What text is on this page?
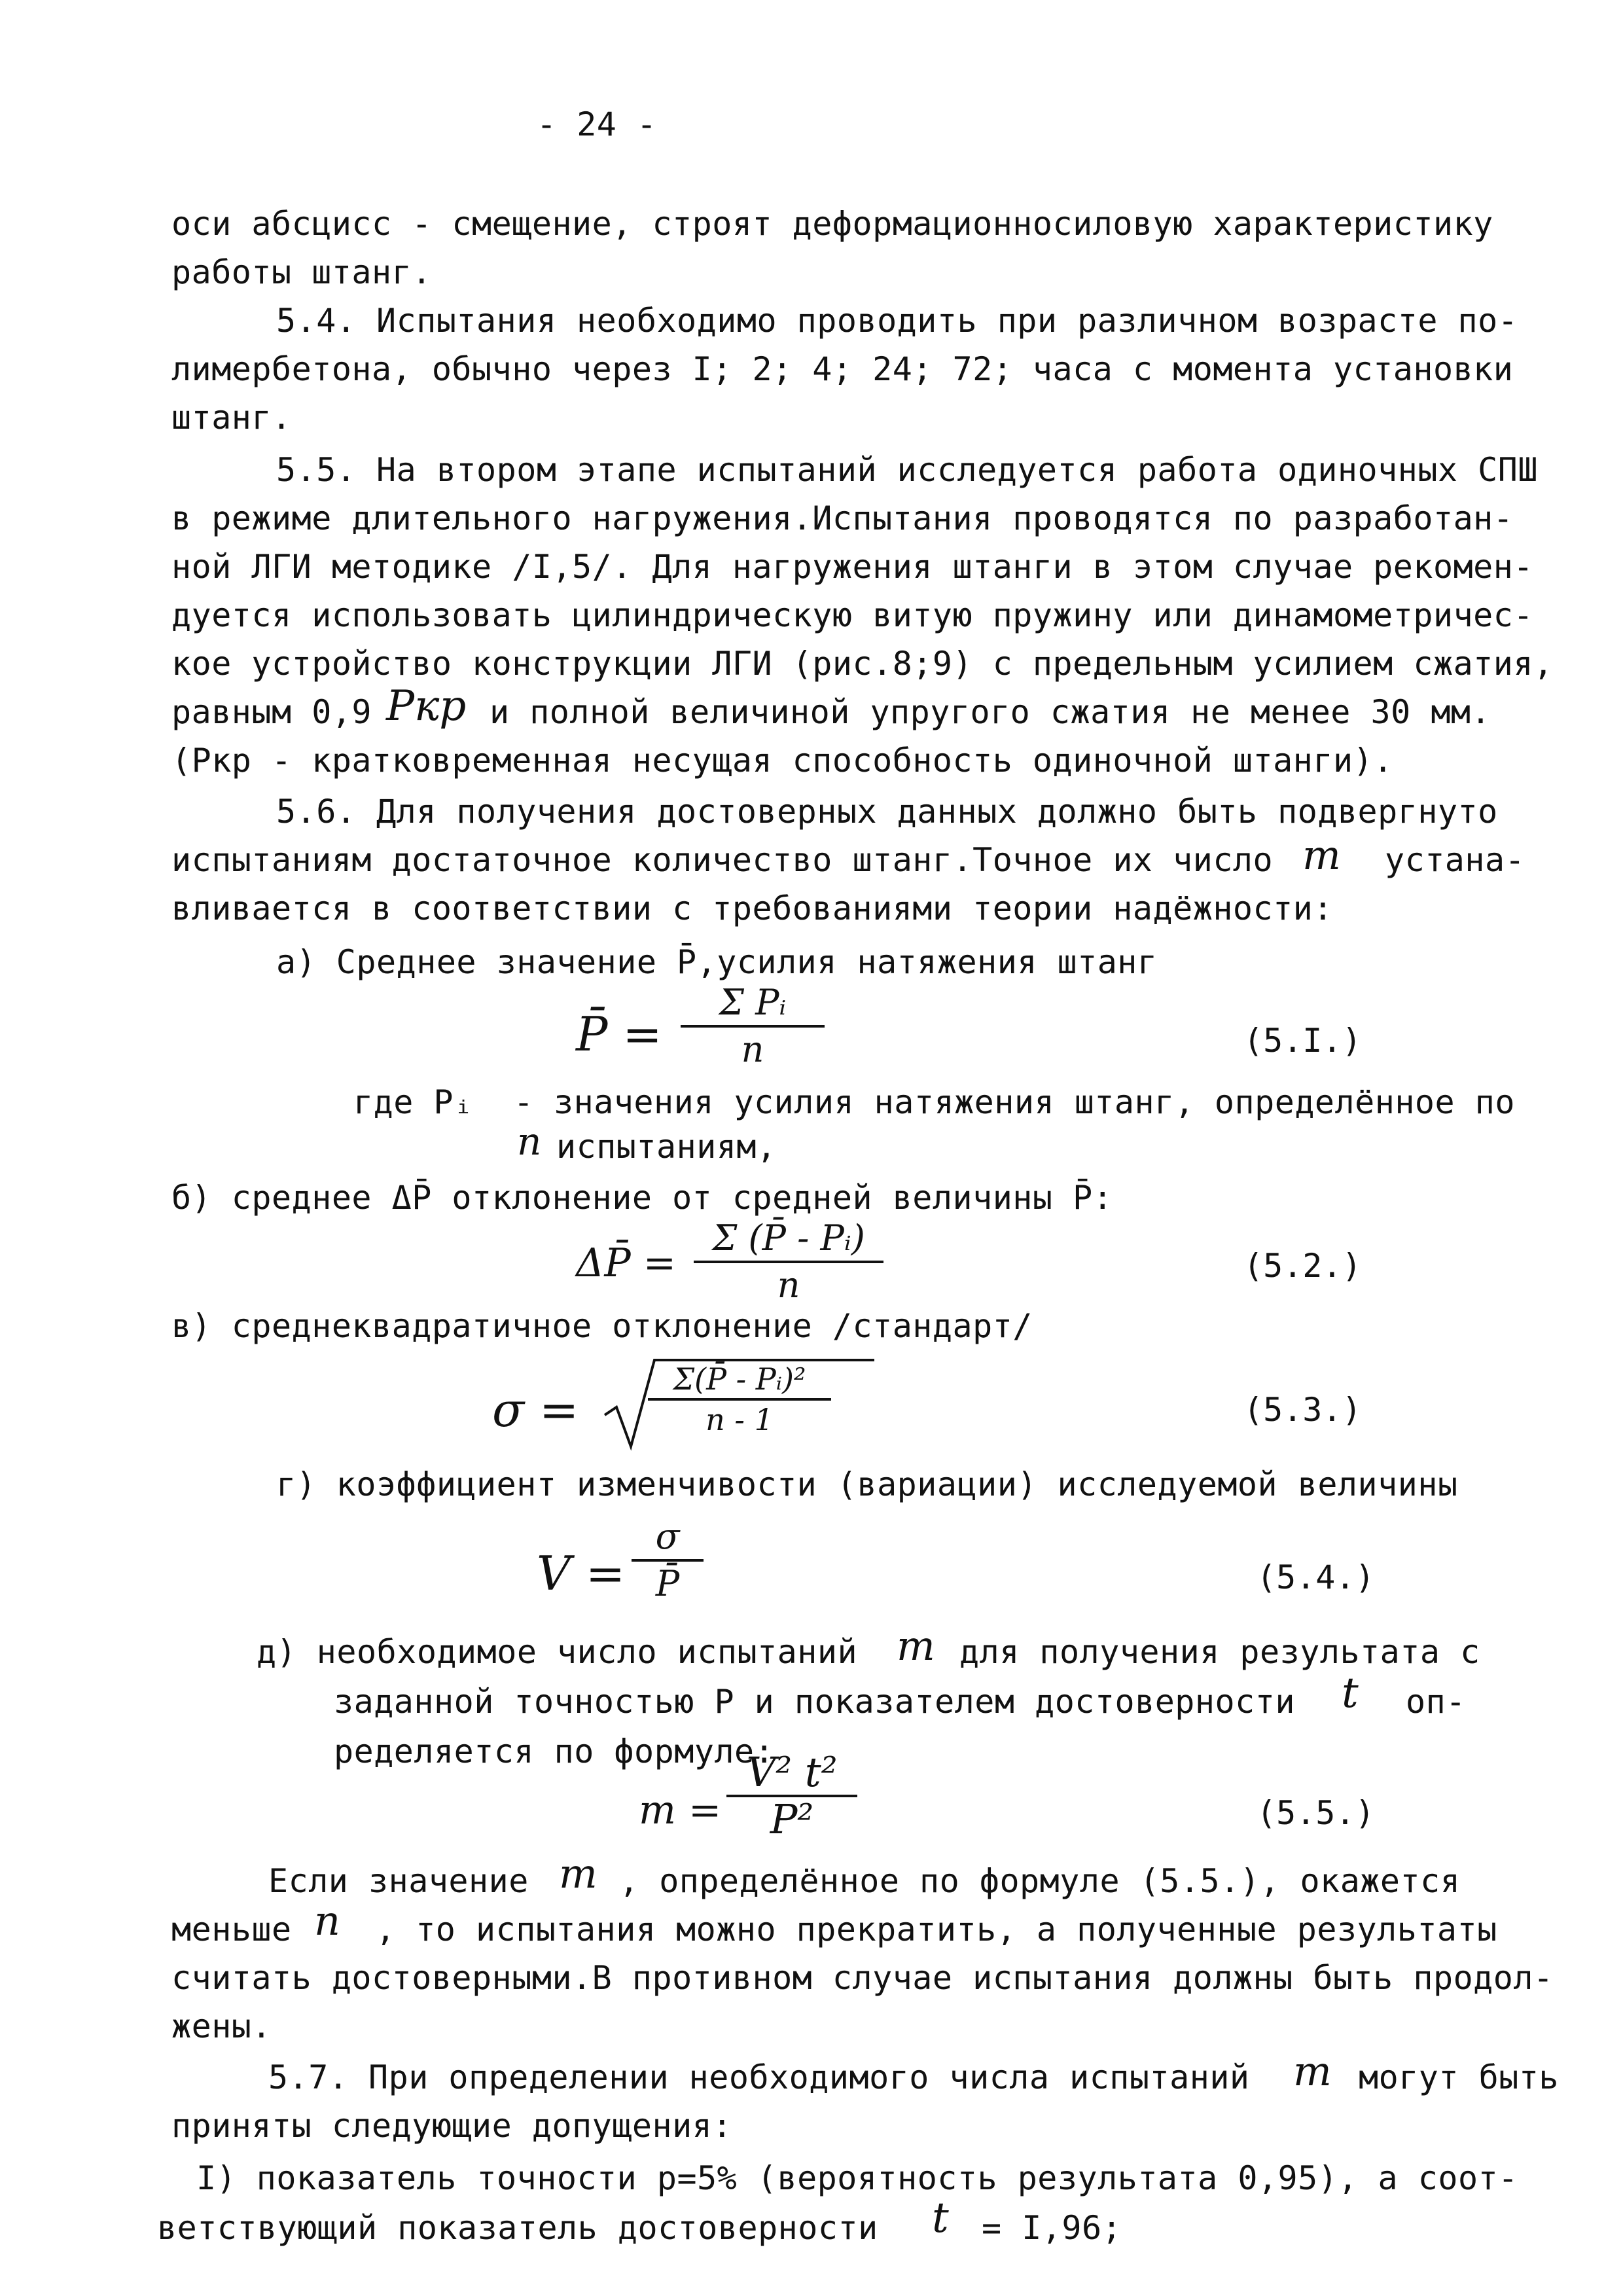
- 24 -
оси абсцисс - смещение, строят деформационносиловую характеристику
работы штанг.
5.4. Испытания необходимо проводить при различном возрасте по-
лимербетона, обычно через I; 2; 4; 24; 72; часа с момента установки
штанг.
5.5. На втором этапе испытаний исследуется работа одиночных СПШ
в режиме длительного нагружения.Испытания проводятся по разработан-
ной ЛГИ методике /I,5/. Для нагружения штанги в этом случае рекомен-
дуется использовать цилиндрическую витую пружину или динамометричес-
кое устройство конструкции ЛГИ (рис.8;9) с предельным усилием сжатия,
равным 0,9 Pкр и полной величиной упругого сжатия не менее 30 мм.
(Ркр - кратковременная несущая способность одиночной штанги).
5.6. Для получения достоверных данных должно быть подвергнуто
испытаниям достаточное количество штанг.Точное их число m устана-
вливается в соответствии с требованиями теории надёжности:
а) Среднее значение P̄,усилия натяжения штанг
P̄ =
Σ Pᵢ
n	(5.I.)
где Pᵢ  - значения усилия натяжения штанг, определённое по
n испытаниям,
б) среднее ΔP̄ отклонение от средней величины P̄:
ΔP̄ =
Σ (P̄ - Pᵢ)
n	(5.2.)
в) среднеквадратичное отклонение /стандарт/
σ =
Σ(P̄ - Pᵢ)²
n - 1	(5.3.)
г) коэффициент изменчивости (вариации) исследуемой величины
V =
σ
P̄	(5.4.)
д) необходимое число испытаний m для получения результата с
заданной точностью Р и показателем достоверности t оп-
ределяется по формуле:
m =
V² t²
P²	(5.5.)
Если значение m , определённое по формуле (5.5.), окажется
меньше n , то испытания можно прекратить, а полученные результаты
считать достоверными.В противном случае испытания должны быть продол-
жены.
5.7. При определении необходимого числа испытаний m могут быть
приняты следующие допущения:
I) показатель точности р=5% (вероятность результата 0,95), а соот-
ветствующий показатель достоверности t = I,96;
